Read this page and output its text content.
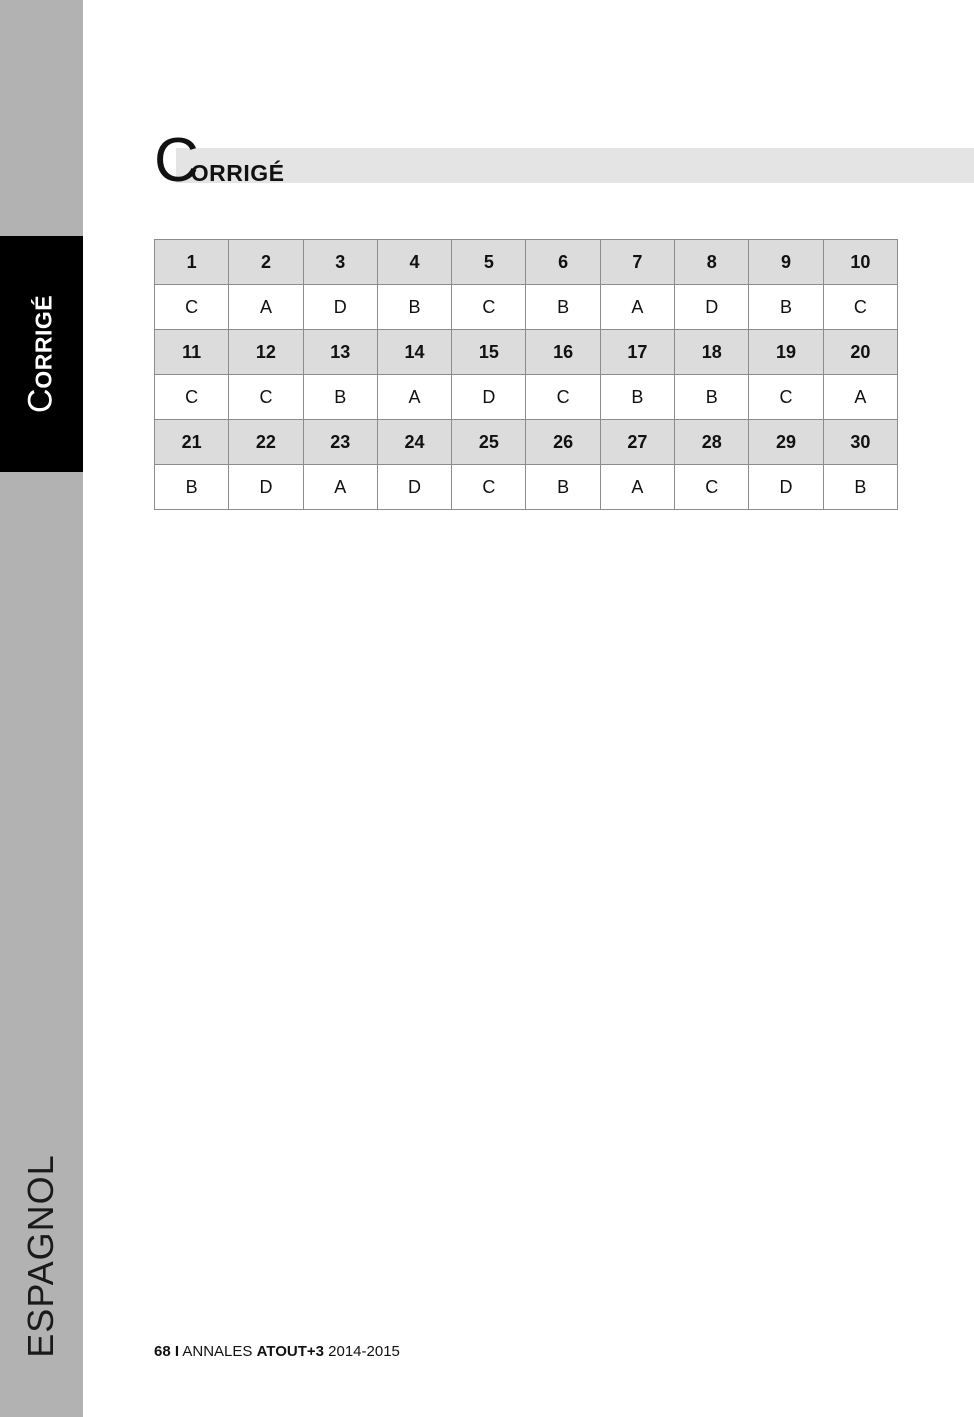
CORRIGÉ
ESPAGNOL
CORRIGÉ
1	2	3	4	5	6	7	8	9	10
C	A	D	B	C	B	A	D	B	C
11	12	13	14	15	16	17	18	19	20
C	C	B	A	D	C	B	B	C	A
21	22	23	24	25	26	27	28	29	30
B	D	A	D	C	B	A	C	D	B
68 I ANNALES ATOUT+3 2014-2015
